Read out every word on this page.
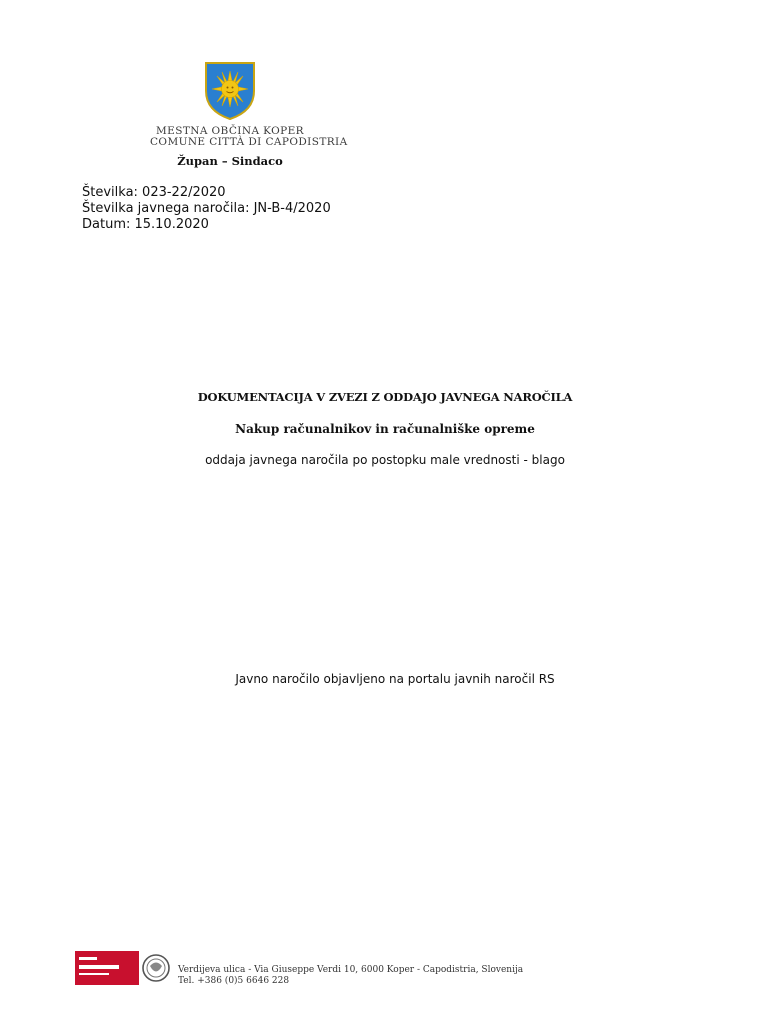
MESTNA OBČINA KOPER
COMUNE CITTÀ DI CAPODISTRIA
Župan – Sindaco
Številka: 023-22/2020
Številka javnega naročila: JN-B-4/2020
Datum: 15.10.2020
DOKUMENTACIJA V ZVEZI Z ODDAJO JAVNEGA NAROČILA
Nakup računalnikov in računalniške opreme
oddaja javnega naročila po postopku male vrednosti - blago
Javno naročilo objavljeno na portalu javnih naročil RS
Verdijeva ulica - Via Giuseppe Verdi 10, 6000 Koper - Capodistria, Slovenija
Tel. +386 (0)5 6646 228
